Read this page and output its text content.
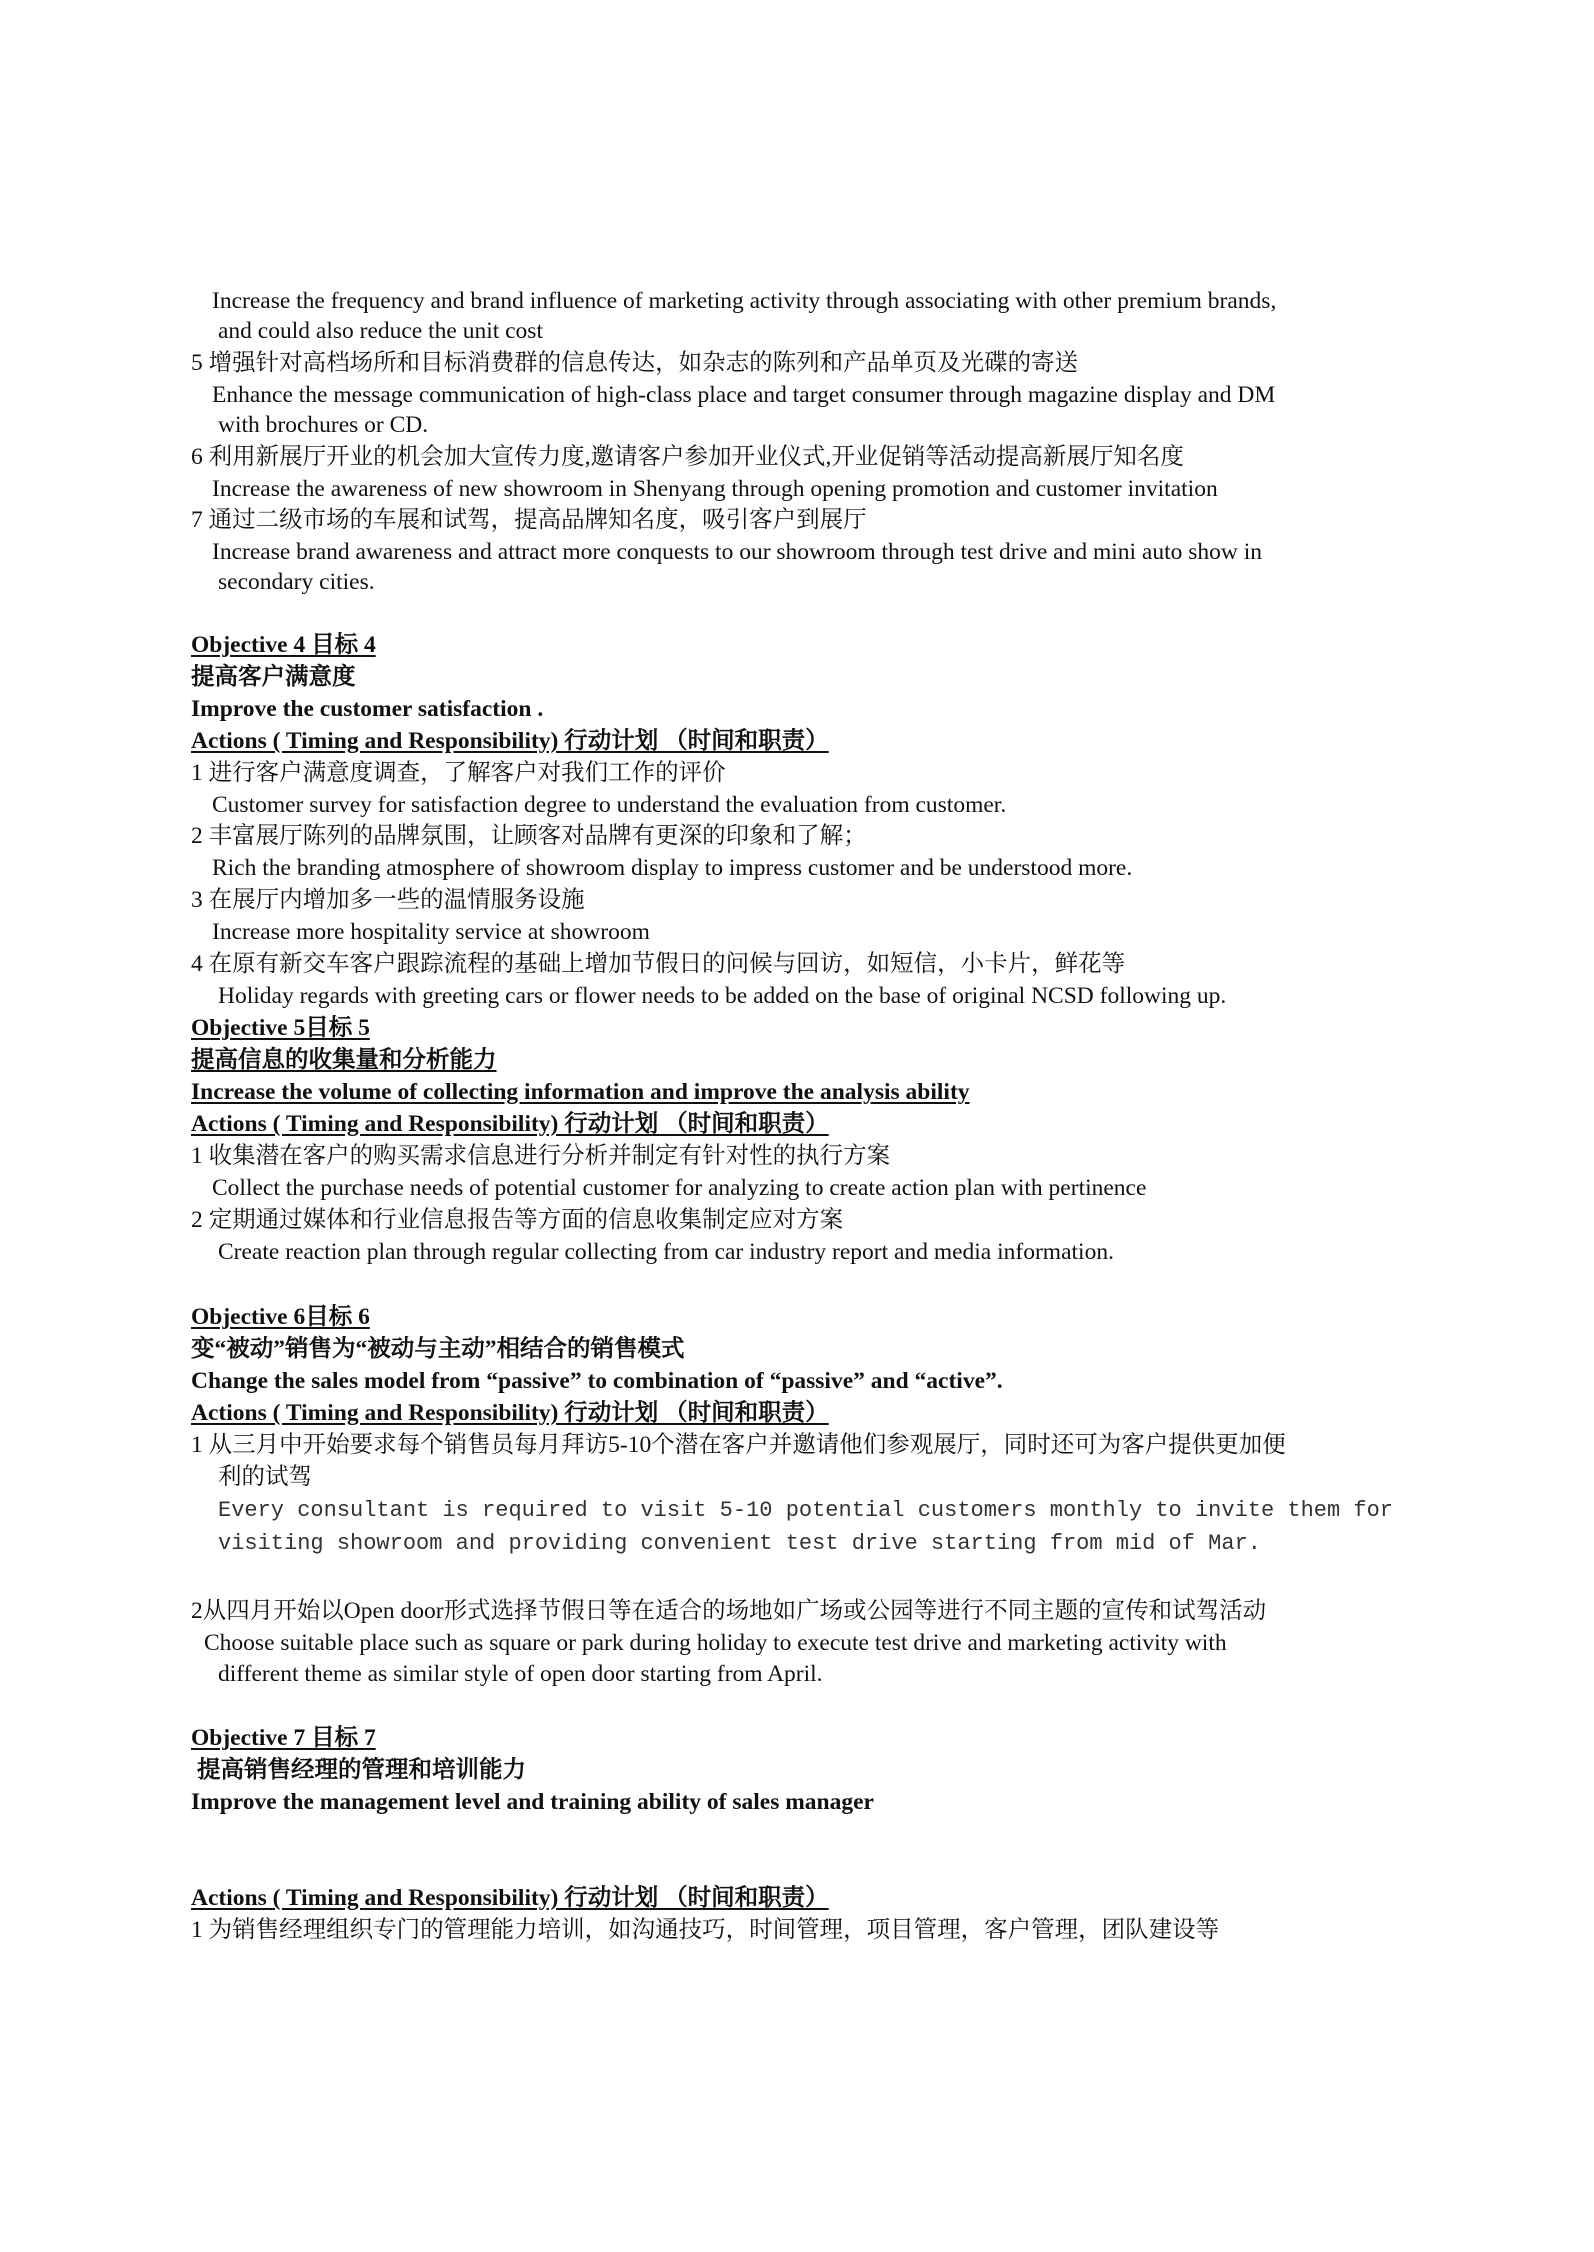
Increase the frequency and brand influence of marketing activity through associating with other premium brands,
and could also reduce the unit cost
5 增强针对高档场所和目标消费群的信息传达，如杂志的陈列和产品单页及光碟的寄送
Enhance the message communication of high-class place and target consumer through magazine display and DM
with brochures or CD.
6 利用新展厅开业的机会加大宣传力度,邀请客户参加开业仪式,开业促销等活动提高新展厅知名度
Increase the awareness of new showroom in Shenyang through opening promotion and customer invitation
7 通过二级市场的车展和试驾，提高品牌知名度，吸引客户到展厅
Increase brand awareness and attract more conquests to our showroom through test drive and mini auto show in
secondary cities.
Objective 4 目标 4
提高客户满意度
Improve the customer satisfaction .
Actions ( Timing and Responsibility) 行动计划 （时间和职责）
1 进行客户满意度调查，了解客户对我们工作的评价
Customer survey for satisfaction degree to understand the evaluation from customer.
2 丰富展厅陈列的品牌氛围，让顾客对品牌有更深的印象和了解；
Rich the branding atmosphere of showroom display to impress customer and be understood more.
3 在展厅内增加多一些的温情服务设施
Increase more hospitality service at showroom
4 在原有新交车客户跟踪流程的基础上增加节假日的问候与回访，如短信，小卡片，鲜花等
Holiday regards with greeting cars or flower needs to be added on the base of original NCSD following up.
Objective 5目标 5
提高信息的收集量和分析能力
Increase the volume of collecting information and improve the analysis ability
Actions ( Timing and Responsibility) 行动计划 （时间和职责）
1 收集潜在客户的购买需求信息进行分析并制定有针对性的执行方案
Collect the purchase needs of potential customer for analyzing to create action plan with pertinence
2 定期通过媒体和行业信息报告等方面的信息收集制定应对方案
Create reaction plan through regular collecting from car industry report and media information.
Objective 6目标 6
变“被动”销售为“被动与主动”相结合的销售模式
Change the sales model from “passive” to combination of “passive” and “active”.
Actions ( Timing and Responsibility) 行动计划 （时间和职责）
1 从三月中开始要求每个销售员每月拜访5-10个潜在客户并邀请他们参观展厅，同时还可为客户提供更加便
利的试驾
Every consultant is required to visit 5-10 potential customers monthly to invite them for
visiting showroom and providing convenient test drive starting from mid of Mar.
2从四月开始以Open door形式选择节假日等在适合的场地如广场或公园等进行不同主题的宣传和试驾活动
Choose suitable place such as square or park during holiday to execute test drive and marketing activity with
different theme as similar style of open door starting from April.
Objective 7 目标 7
提高销售经理的管理和培训能力
Improve the management level and training ability of sales manager
Actions ( Timing and Responsibility) 行动计划 （时间和职责）
1 为销售经理组织专门的管理能力培训，如沟通技巧，时间管理，项目管理，客户管理，团队建设等
